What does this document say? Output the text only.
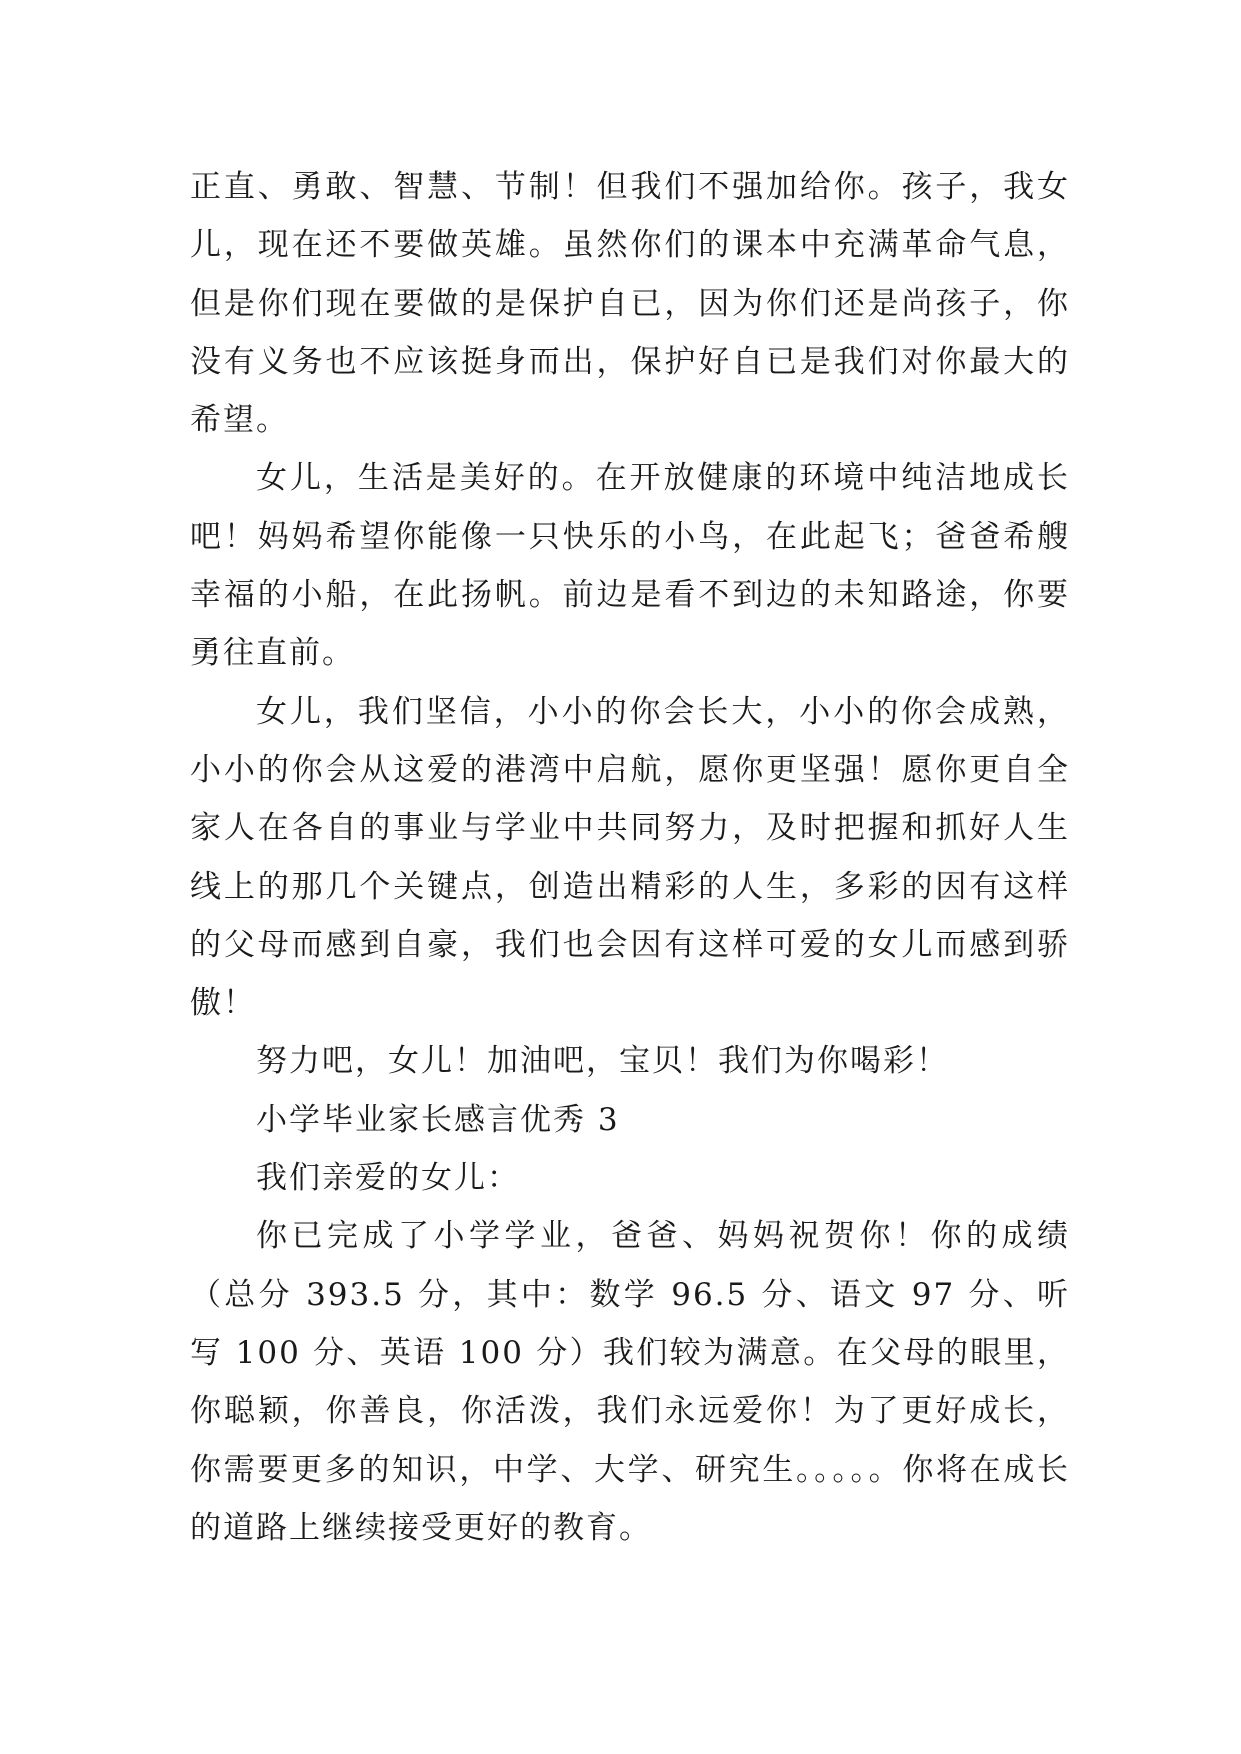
正直、勇敢、智慧、节制！但我们不强加给你。孩子，我女儿，现在还不要做英雄。虽然你们的课本中充满革命气息，但是你们现在要做的是保护自已，因为你们还是尚孩子，你没有义务也不应该挺身而出，保护好自已是我们对你最大的希望。

女儿，生活是美好的。在开放健康的环境中纯洁地成长吧！妈妈希望你能像一只快乐的小鸟，在此起飞；爸爸希艘幸福的小船，在此扬帆。前边是看不到边的未知路途，你要勇往直前。

女儿，我们坚信，小小的你会长大，小小的你会成熟，小小的你会从这爱的港湾中启航，愿你更坚强！愿你更自全家人在各自的事业与学业中共同努力，及时把握和抓好人生线上的那几个关键点，创造出精彩的人生，多彩的因有这样的父母而感到自豪，我们也会因有这样可爱的女儿而感到骄傲！

努力吧，女儿！加油吧，宝贝！我们为你喝彩！

小学毕业家长感言优秀 3

我们亲爱的女儿：

你已完成了小学学业，爸爸、妈妈祝贺你！你的成绩（总分 393.5 分，其中：数学 96.5 分、语文 97 分、听写 100 分、英语 100 分）我们较为满意。在父母的眼里，你聪颖，你善良，你活泼，我们永远爱你！为了更好成长，你需要更多的知识，中学、大学、研究生。。。。。你将在成长的道路上继续接受更好的教育。
